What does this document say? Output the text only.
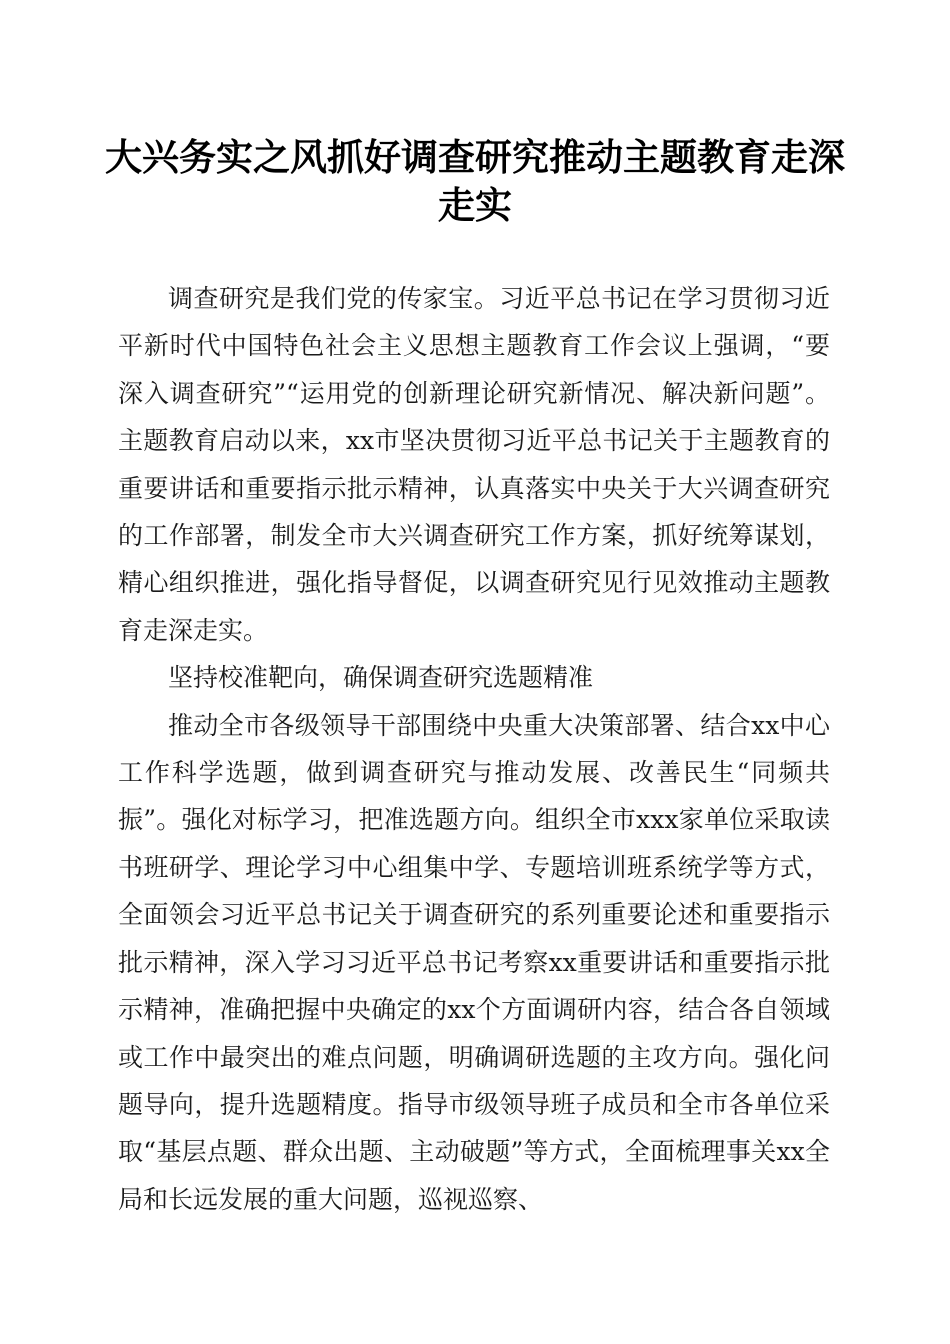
大兴务实之风抓好调查研究推动主题教育走深走实

调查研究是我们党的传家宝。习近平总书记在学习贯彻习近平新时代中国特色社会主义思想主题教育工作会议上强调，“要深入调查研究”“运用党的创新理论研究新情况、解决新问题”。主题教育启动以来，xx市坚决贯彻习近平总书记关于主题教育的重要讲话和重要指示批示精神，认真落实中央关于大兴调查研究的工作部署，制发全市大兴调查研究工作方案，抓好统筹谋划，精心组织推进，强化指导督促，以调查研究见行见效推动主题教育走深走实。

坚持校准靶向，确保调查研究选题精准

推动全市各级领导干部围绕中央重大决策部署、结合xx中心工作科学选题，做到调查研究与推动发展、改善民生“同频共振”。强化对标学习，把准选题方向。组织全市xxx家单位采取读书班研学、理论学习中心组集中学、专题培训班系统学等方式，全面领会习近平总书记关于调查研究的系列重要论述和重要指示批示精神，深入学习习近平总书记考察xx重要讲话和重要指示批示精神，准确把握中央确定的xx个方面调研内容，结合各自领域或工作中最突出的难点问题，明确调研选题的主攻方向。强化问题导向，提升选题精度。指导市级领导班子成员和全市各单位采取“基层点题、群众出题、主动破题”等方式，全面梳理事关xx全局和长远发展的重大问题，巡视巡察、
